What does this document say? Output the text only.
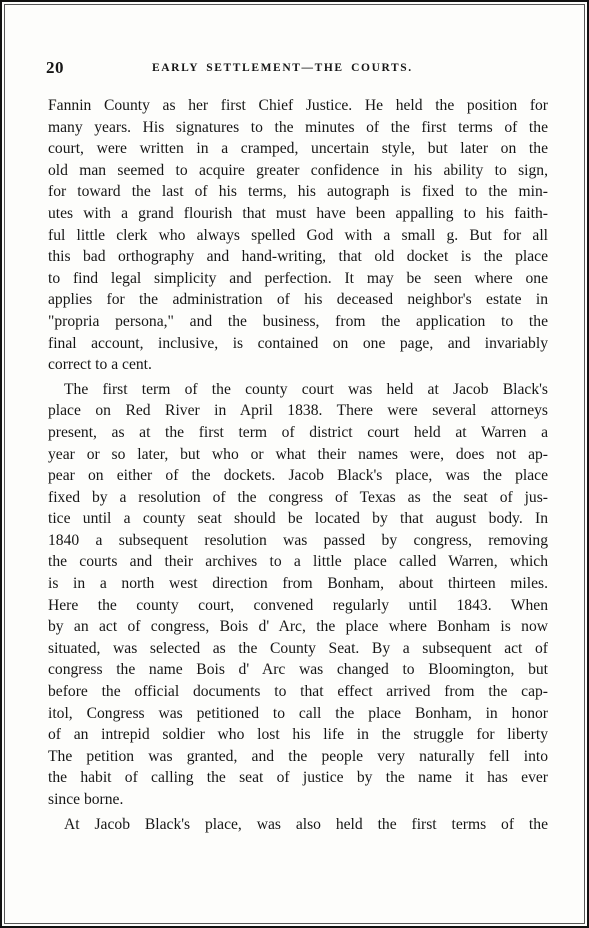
20	EARLY SETTLEMENT—THE COURTS.
Fannin County as her first Chief Justice. He held the position for
many years. His signatures to the minutes of the first terms of the
court, were written in a cramped, uncertain style, but later on the
old man seemed to acquire greater confidence in his ability to sign,
for toward the last of his terms, his autograph is fixed to the min-
utes with a grand flourish that must have been appalling to his faith-
ful little clerk who always spelled God with a small g. But for all
this bad orthography and hand-writing, that old docket is the place
to find legal simplicity and perfection. It may be seen where one
applies for the administration of his deceased neighbor's estate in
"propria persona," and the business, from the application to the
final account, inclusive, is contained on one page, and invariably
correct to a cent.
The first term of the county court was held at Jacob Black's
place on Red River in April 1838. There were several attorneys
present, as at the first term of district court held at Warren a
year or so later, but who or what their names were, does not ap-
pear on either of the dockets. Jacob Black's place, was the place
fixed by a resolution of the congress of Texas as the seat of jus-
tice until a county seat should be located by that august body. In
1840 a subsequent resolution was passed by congress, removing
the courts and their archives to a little place called Warren, which
is in a north west direction from Bonham, about thirteen miles.
Here the county court, convened regularly until 1843. When
by an act of congress, Bois d' Arc, the place where Bonham is now
situated, was selected as the County Seat. By a subsequent act of
congress the name Bois d' Arc was changed to Bloomington, but
before the official documents to that effect arrived from the cap-
itol, Congress was petitioned to call the place Bonham, in honor
of an intrepid soldier who lost his life in the struggle for liberty
The petition was granted, and the people very naturally fell into
the habit of calling the seat of justice by the name it has ever
since borne.
At Jacob Black's place, was also held the first terms of the
